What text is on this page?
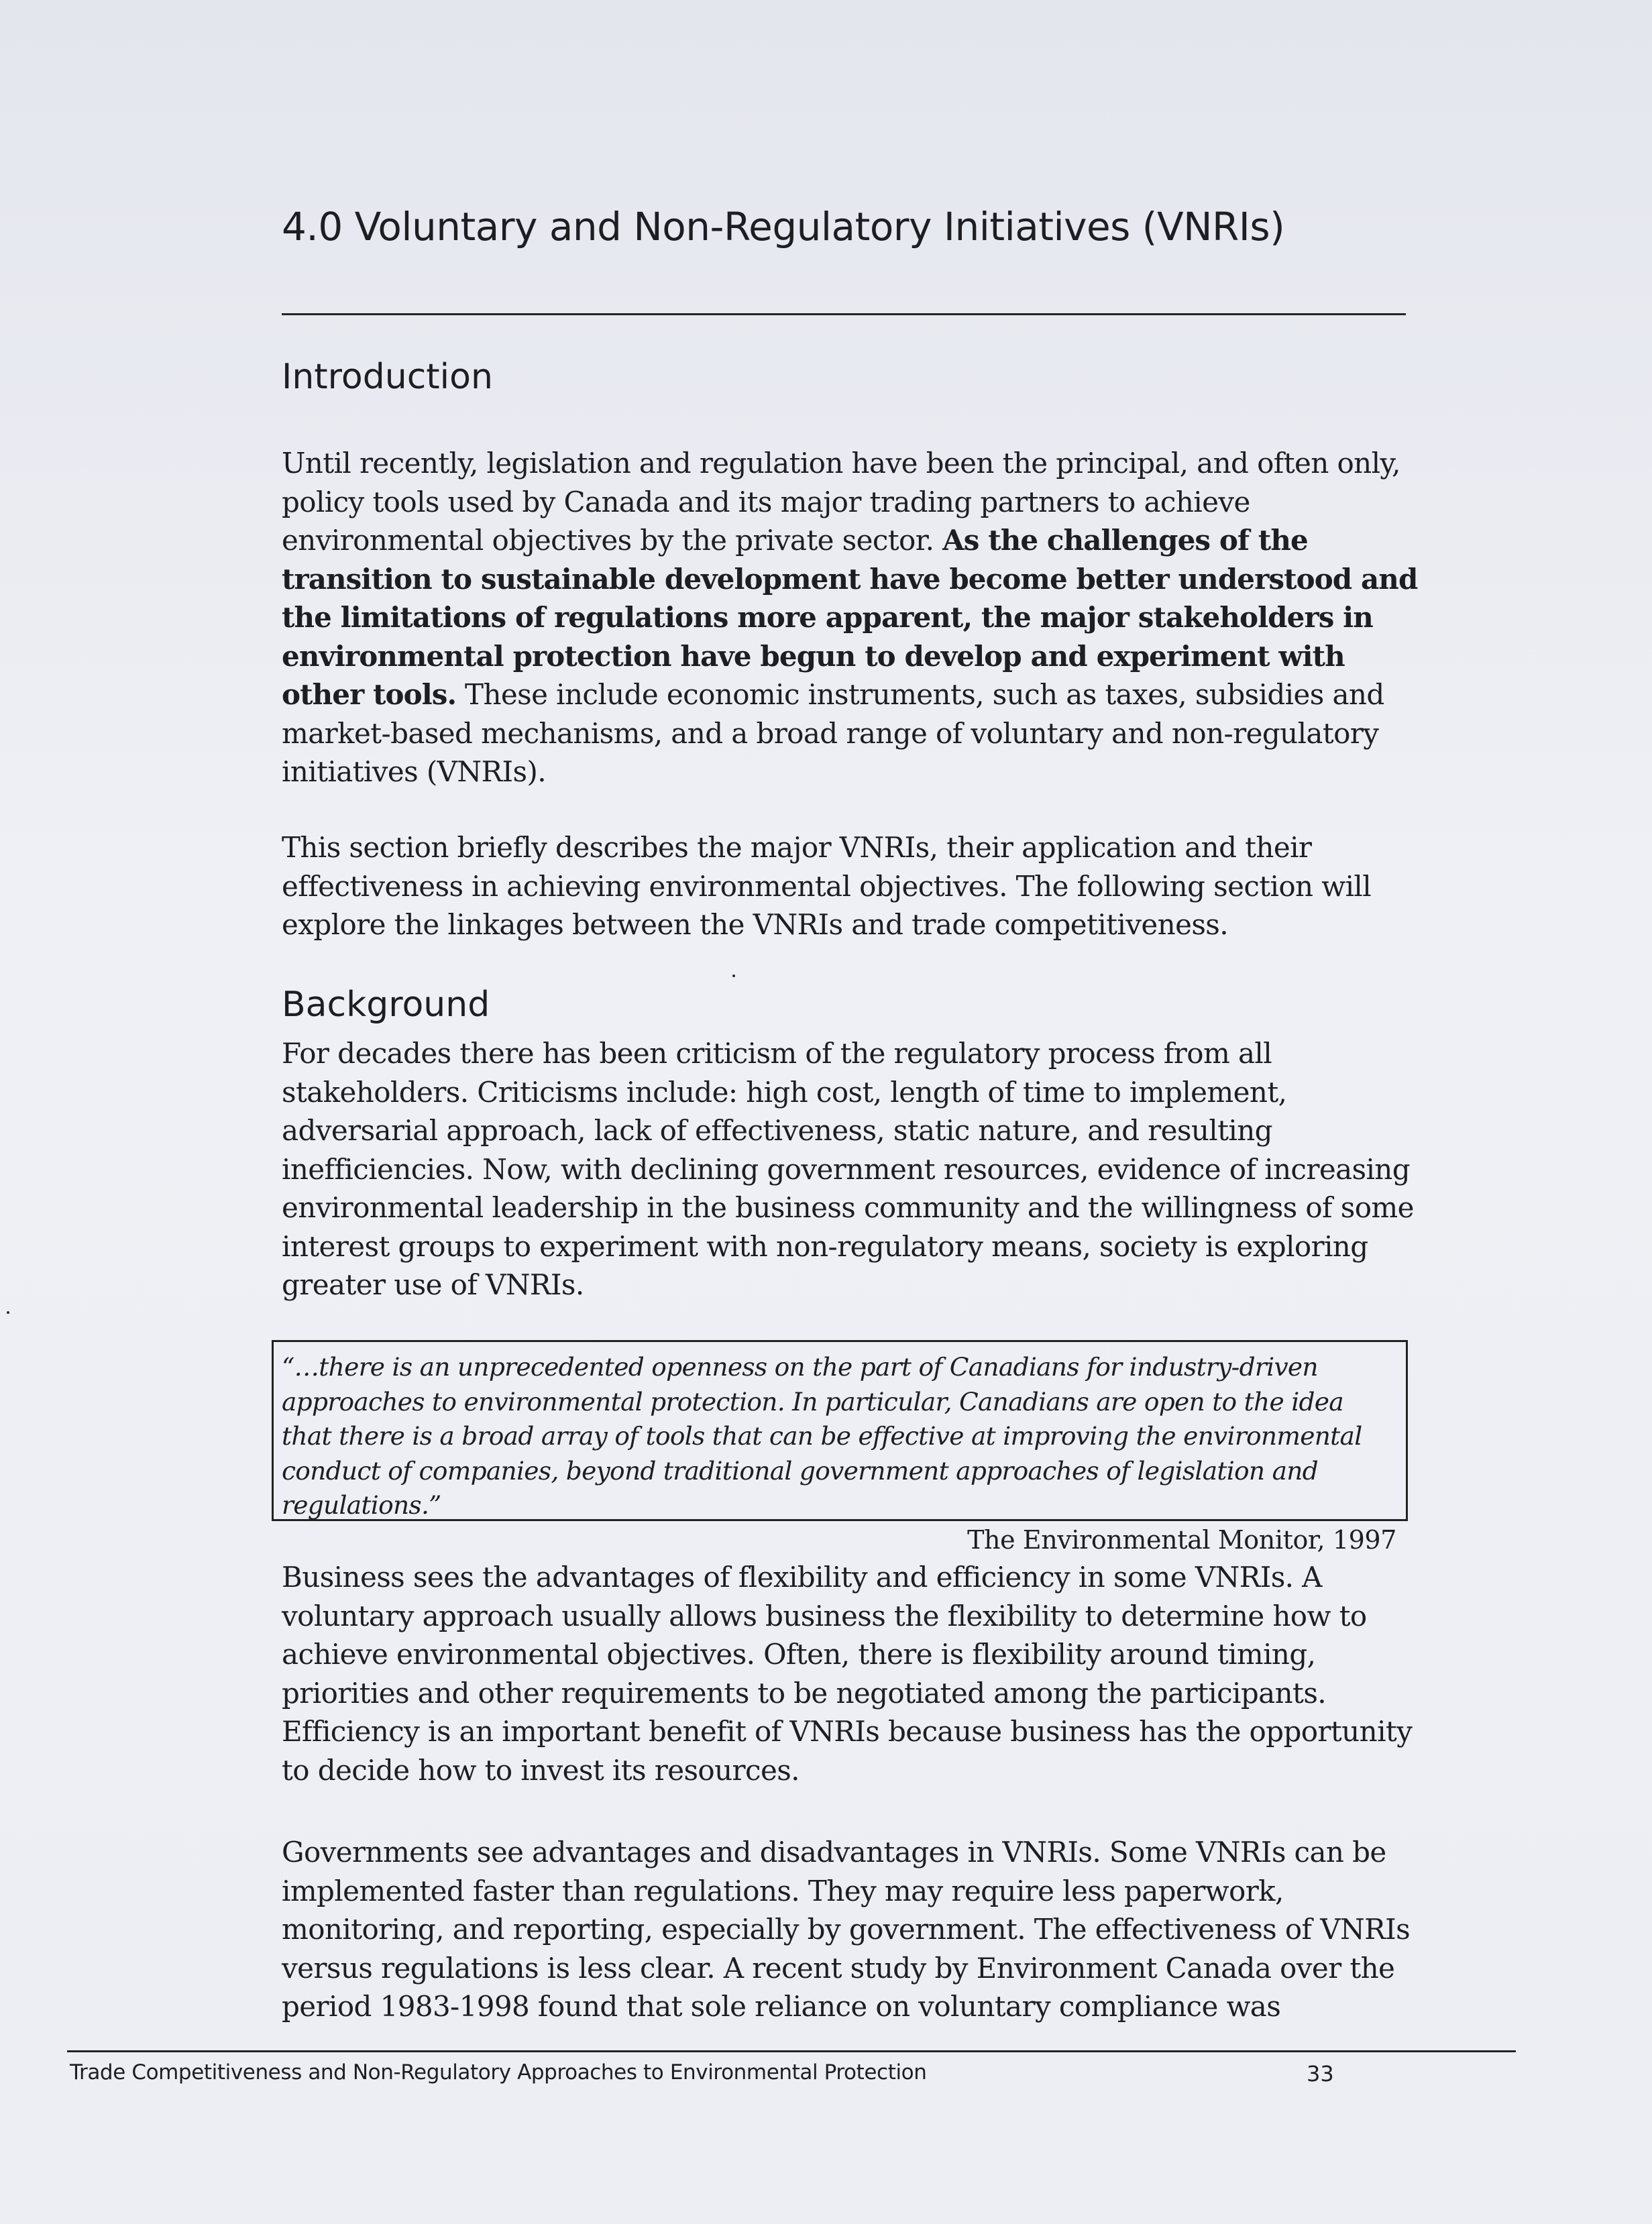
4.0 Voluntary and Non-Regulatory Initiatives (VNRIs)
Introduction

Until recently, legislation and regulation have been the principal, and often only, policy tools used by Canada and its major trading partners to achieve environmental objectives by the private sector. As the challenges of the transition to sustainable development have become better understood and the limitations of regulations more apparent, the major stakeholders in environmental protection have begun to develop and experiment with other tools. These include economic instruments, such as taxes, subsidies and market-based mechanisms, and a broad range of voluntary and non-regulatory initiatives (VNRIs).

This section briefly describes the major VNRIs, their application and their effectiveness in achieving environmental objectives. The following section will explore the linkages between the VNRIs and trade competitiveness.

Background

For decades there has been criticism of the regulatory process from all stakeholders. Criticisms include: high cost, length of time to implement, adversarial approach, lack of effectiveness, static nature, and resulting inefficiencies. Now, with declining government resources, evidence of increasing environmental leadership in the business community and the willingness of some interest groups to experiment with non-regulatory means, society is exploring greater use of VNRIs.

“…there is an unprecedented openness on the part of Canadians for industry-driven approaches to environmental protection. In particular, Canadians are open to the idea that there is a broad array of tools that can be effective at improving the environmental conduct of companies, beyond traditional government approaches of legislation and regulations.”

The Environmental Monitor, 1997

Business sees the advantages of flexibility and efficiency in some VNRIs. A voluntary approach usually allows business the flexibility to determine how to achieve environmental objectives. Often, there is flexibility around timing, priorities and other requirements to be negotiated among the participants. Efficiency is an important benefit of VNRIs because business has the opportunity to decide how to invest its resources.

Governments see advantages and disadvantages in VNRIs. Some VNRIs can be implemented faster than regulations. They may require less paperwork, monitoring, and reporting, especially by government. The effectiveness of VNRIs versus regulations is less clear. A recent study by Environment Canada over the period 1983-1998 found that sole reliance on voluntary compliance was

Trade Competitiveness and Non-Regulatory Approaches to Environmental Protection	33
